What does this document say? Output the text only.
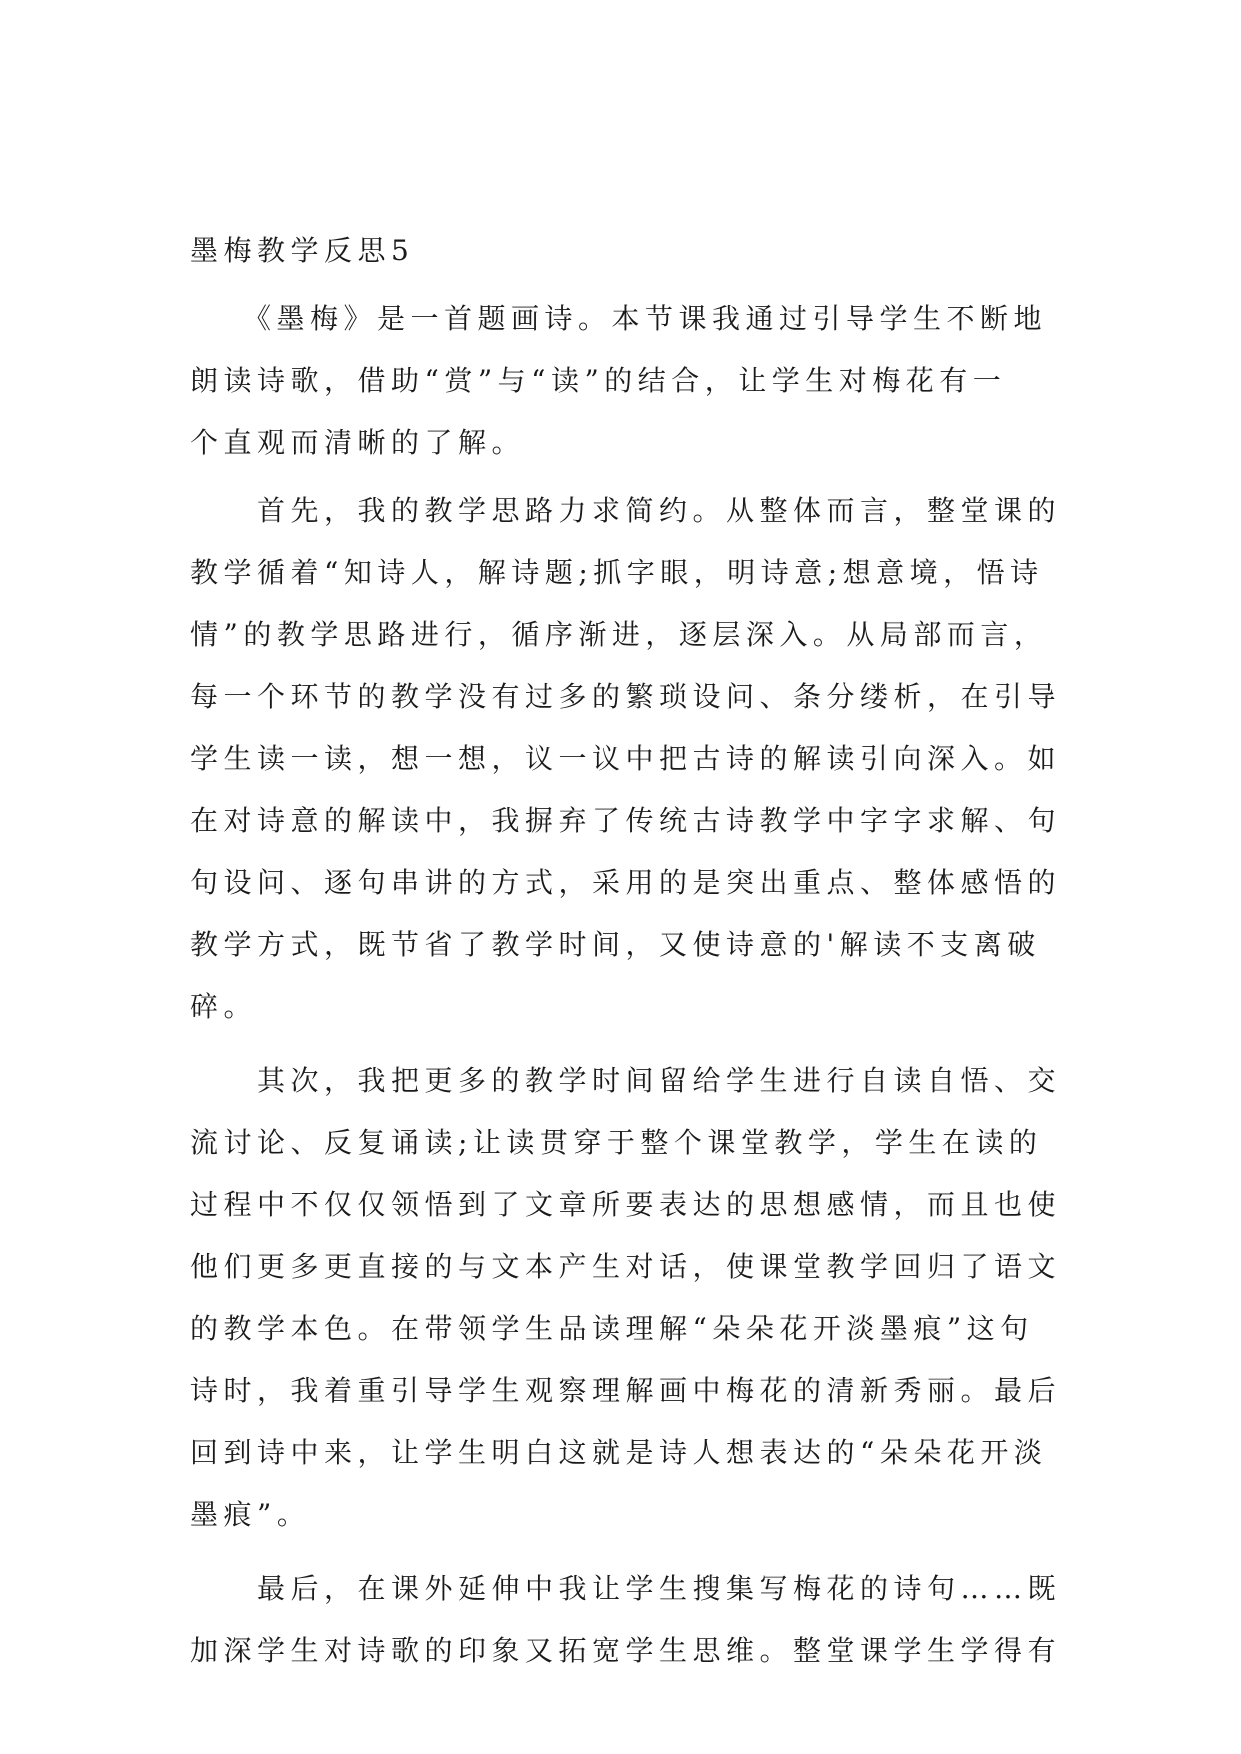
墨梅教学反思5

　　《墨梅》是一首题画诗。本节课我通过引导学生不断地
朗读诗歌，借助“赏”与“读”的结合，让学生对梅花有一
个直观而清晰的了解。

　　首先，我的教学思路力求简约。从整体而言，整堂课的
教学循着“知诗人，解诗题;抓字眼，明诗意;想意境，悟诗
情”的教学思路进行，循序渐进，逐层深入。从局部而言，
每一个环节的教学没有过多的繁琐设问、条分缕析，在引导
学生读一读，想一想，议一议中把古诗的解读引向深入。如
在对诗意的解读中，我摒弃了传统古诗教学中字字求解、句
句设问、逐句串讲的方式，采用的是突出重点、整体感悟的
教学方式，既节省了教学时间，又使诗意的'解读不支离破
碎。

　　其次，我把更多的教学时间留给学生进行自读自悟、交
流讨论、反复诵读;让读贯穿于整个课堂教学，学生在读的
过程中不仅仅领悟到了文章所要表达的思想感情，而且也使
他们更多更直接的与文本产生对话，使课堂教学回归了语文
的教学本色。在带领学生品读理解“朵朵花开淡墨痕”这句
诗时，我着重引导学生观察理解画中梅花的清新秀丽。最后
回到诗中来，让学生明白这就是诗人想表达的“朵朵花开淡
墨痕”。

　　最后，在课外延伸中我让学生搜集写梅花的诗句……既
加深学生对诗歌的印象又拓宽学生思维。整堂课学生学得有
